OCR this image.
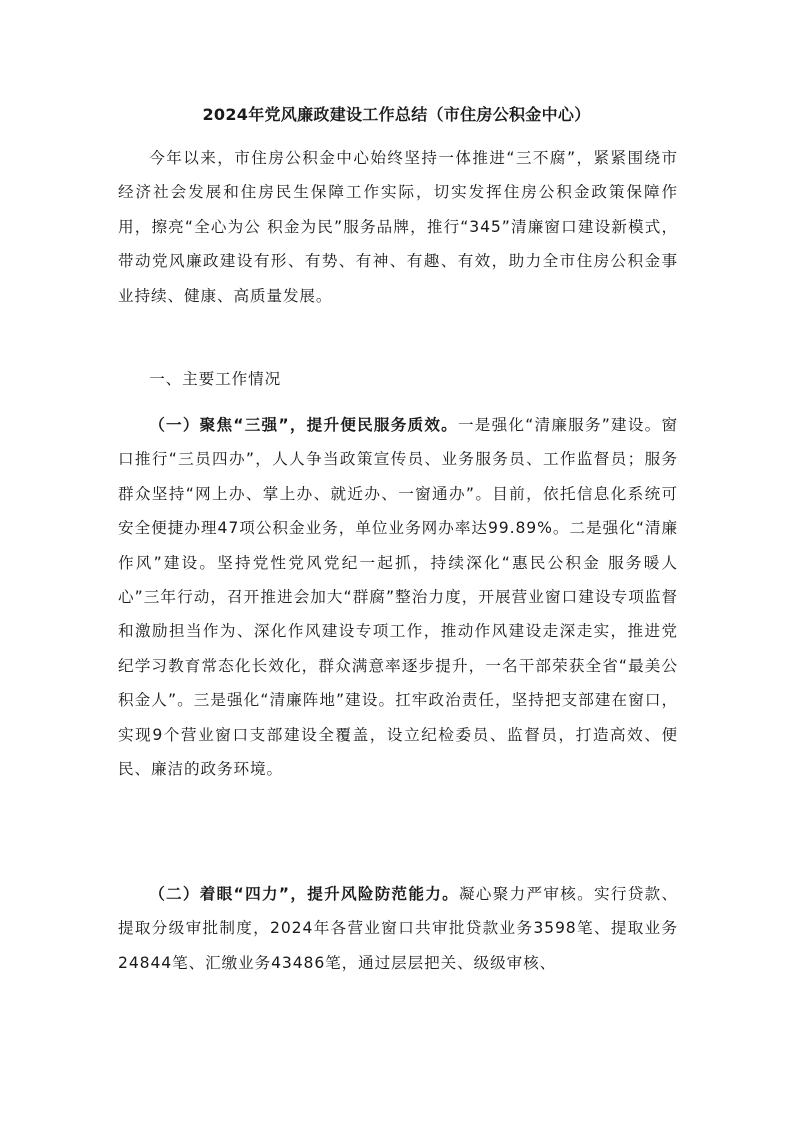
2024年党风廉政建设工作总结（市住房公积金中心）

今年以来，市住房公积金中心始终坚持一体推进“三不腐”，紧紧围绕市经济社会发展和住房民生保障工作实际，切实发挥住房公积金政策保障作用，擦亮“全心为公 积金为民”服务品牌，推行“345”清廉窗口建设新模式，带动党风廉政建设有形、有势、有神、有趣、有效，助力全市住房公积金事业持续、健康、高质量发展。

一、主要工作情况

（一）聚焦“三强”，提升便民服务质效。一是强化“清廉服务”建设。窗口推行“三员四办”，人人争当政策宣传员、业务服务员、工作监督员；服务群众坚持“网上办、掌上办、就近办、一窗通办”。目前，依托信息化系统可安全便捷办理47项公积金业务，单位业务网办率达99.89%。二是强化“清廉作风”建设。坚持党性党风党纪一起抓，持续深化“惠民公积金 服务暖人心”三年行动，召开推进会加大“群腐”整治力度，开展营业窗口建设专项监督和激励担当作为、深化作风建设专项工作，推动作风建设走深走实，推进党纪学习教育常态化长效化，群众满意率逐步提升，一名干部荣获全省“最美公积金人”。三是强化“清廉阵地”建设。扛牢政治责任，坚持把支部建在窗口，实现9个营业窗口支部建设全覆盖，设立纪检委员、监督员，打造高效、便民、廉洁的政务环境。

（二）着眼“四力”，提升风险防范能力。凝心聚力严审核。实行贷款、提取分级审批制度，2024年各营业窗口共审批贷款业务3598笔、提取业务24844笔、汇缴业务43486笔，通过层层把关、级级审核、
